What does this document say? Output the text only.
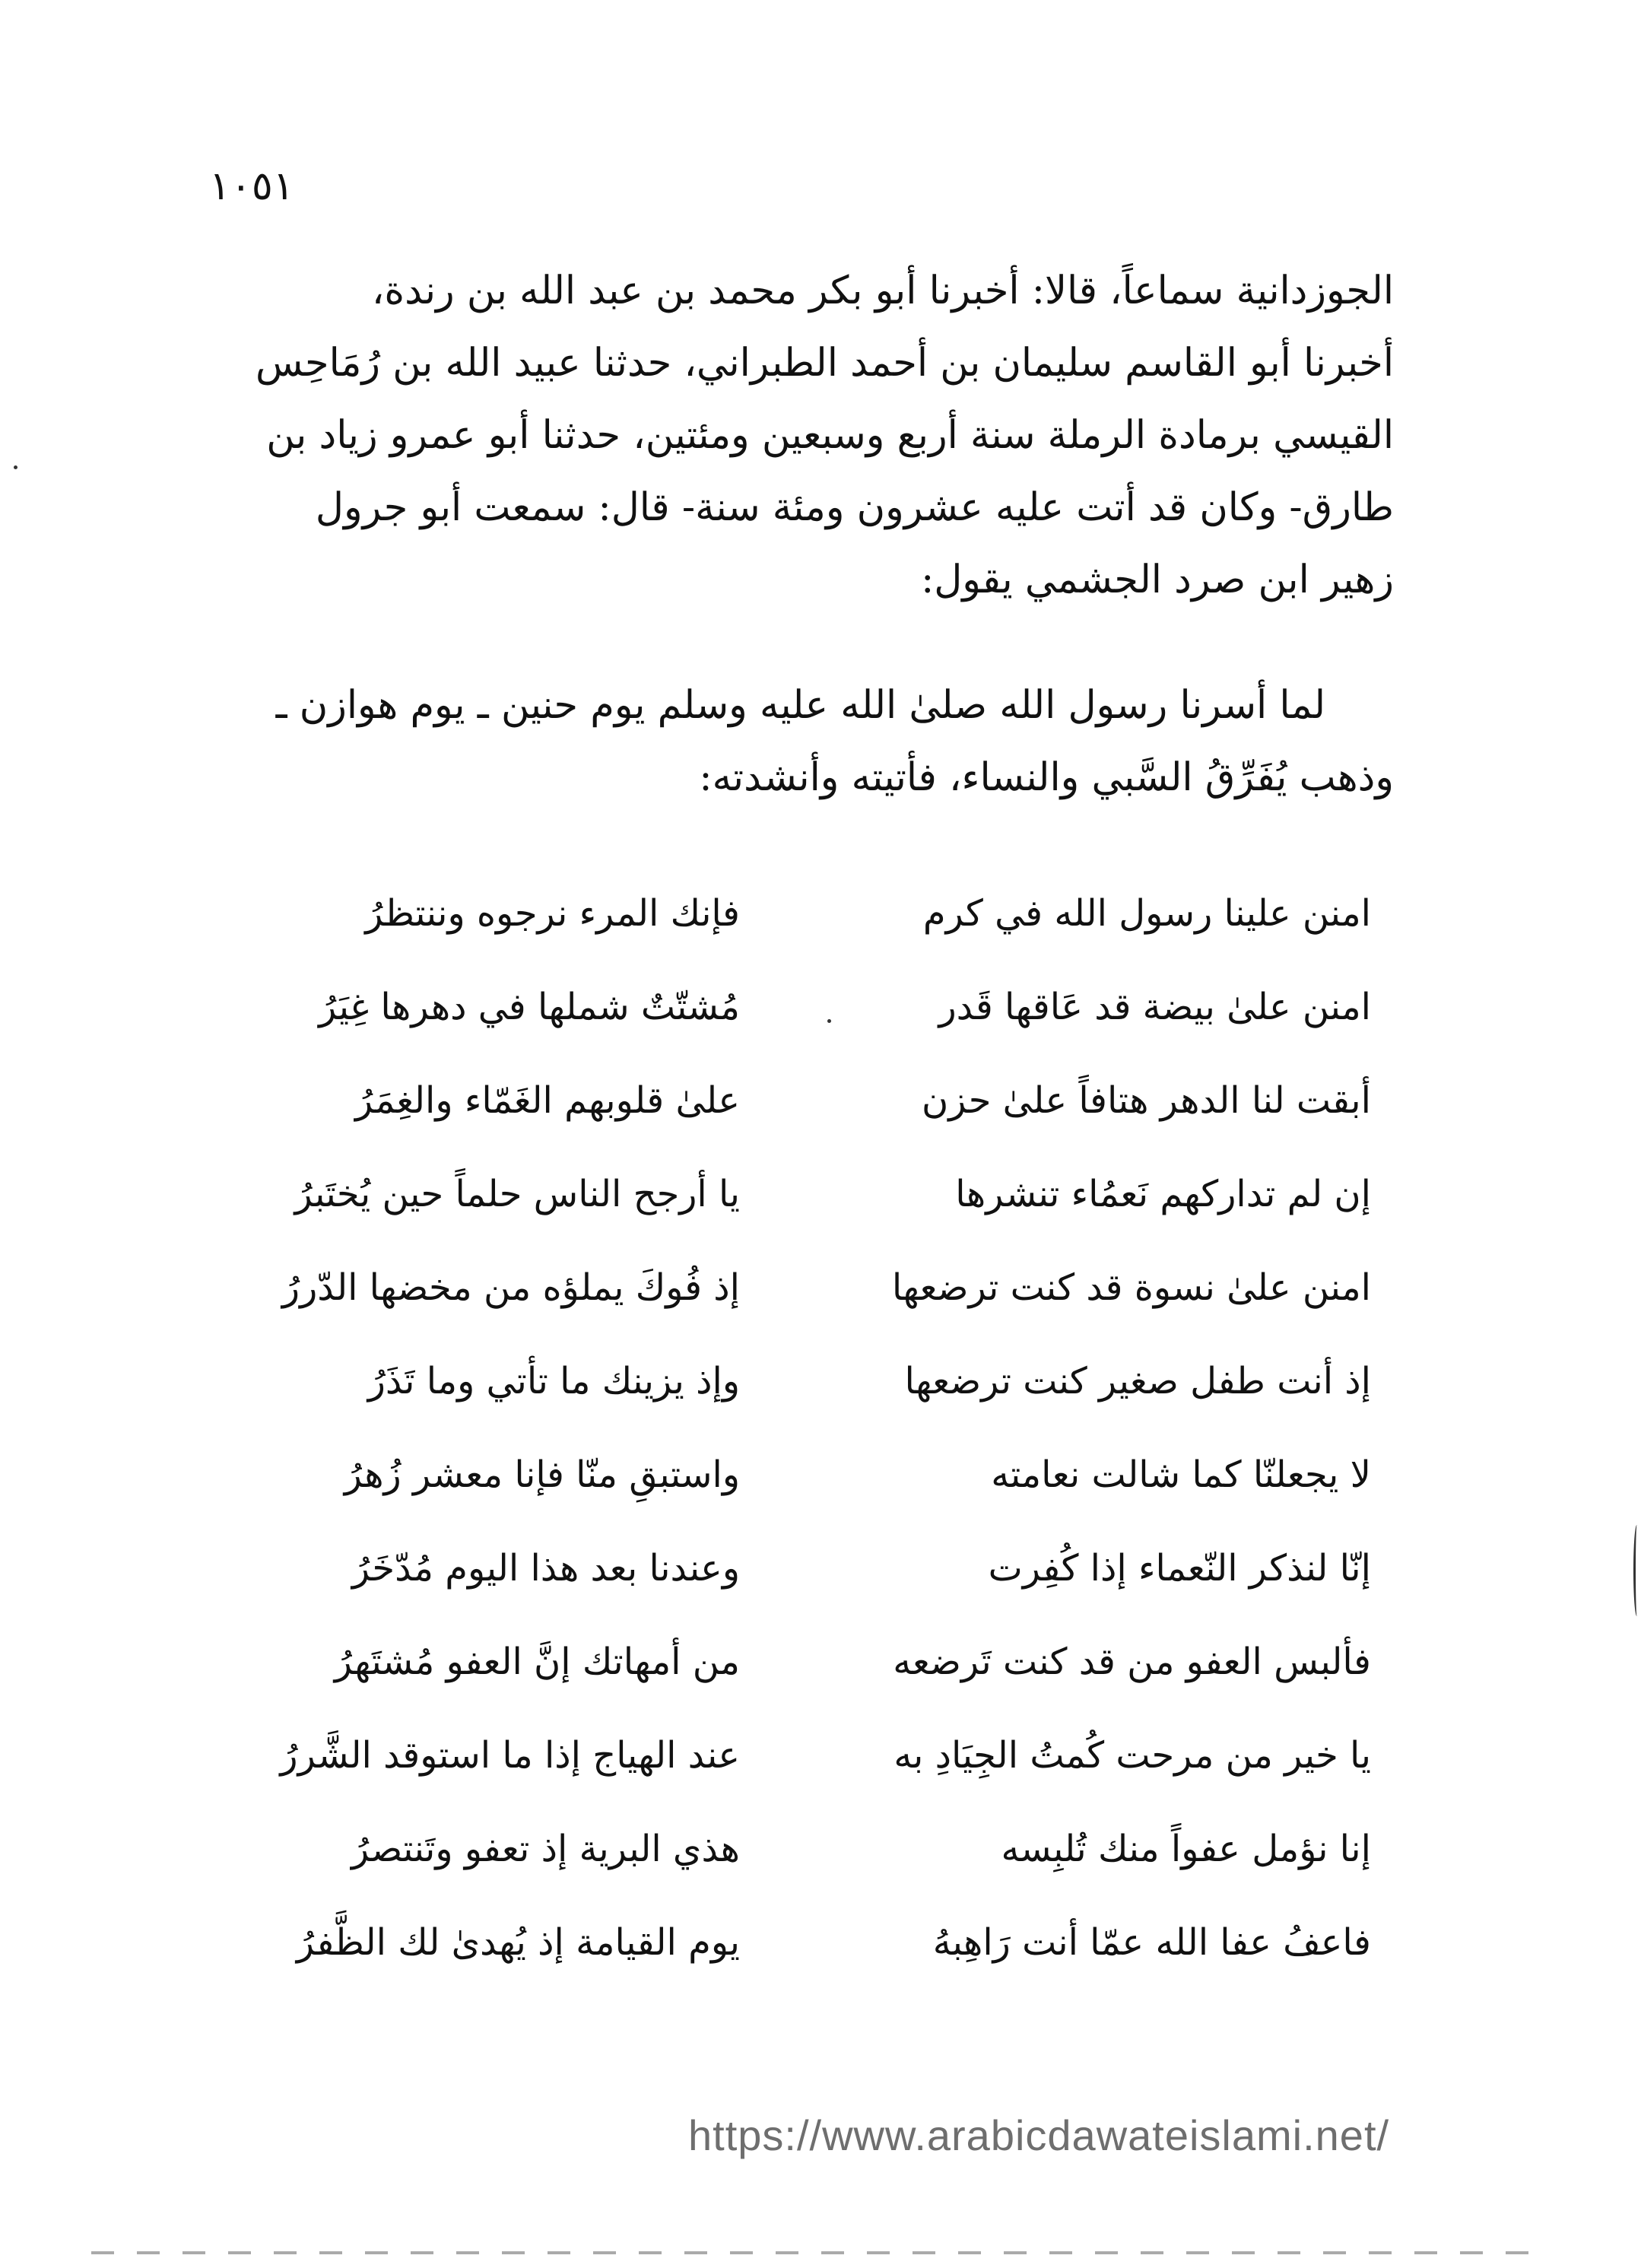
١٠٥١
الجوزدانية سماعاً، قالا: أخبرنا أبو بكر محمد بن عبد الله بن رندة،
أخبرنا أبو القاسم سليمان بن أحمد الطبراني، حدثنا عبيد الله بن رُمَاحِس
القيسي برمادة الرملة سنة أربع وسبعين ومئتين، حدثنا أبو عمرو زياد بن
طارق- وكان قد أتت عليه عشرون ومئة سنة- قال: سمعت أبو جرول
زهير ابن صرد الجشمي يقول:
لما أسرنا رسول الله صلىٰ الله عليه وسلم يوم حنين ـ يوم هوازن ـ
وذهب يُفَرِّقُ السَّبي والنساء، فأتيته وأنشدته:
امنن علينا رسول الله في كرم
فإنك المرء نرجوه وننتظرُ
امنن علىٰ بيضة قد عَاقها قَدر
مُشتّتٌ شملها في دهرها غِيَرُ
أبقت لنا الدهر هتافاً علىٰ حزن
علىٰ قلوبهم الغَمّاء والغِمَرُ
إن لم تداركهم نَعمُاء تنشرها
يا أرجح الناس حلماً حين يُختَبرُ
امنن علىٰ نسوة قد كنت ترضعها
إذ فُوكَ يملؤه من مخضها الدّررُ
إذ أنت طفل صغير كنت ترضعها
وإذ يزينك ما تأتي وما تَذَرُ
لا يجعلنّا كما شالت نعامته
واستبقِ منّا فإنا معشر زُهرُ
إنّا لنذكر النّعماء إذا كُفِرت
وعندنا بعد هذا اليوم مُدّخَرُ
فألبس العفو من قد كنت تَرضعه
من أمهاتك إنَّ العفو مُشتَهرُ
يا خير من مرحت كُمتُ الجِيَادِ به
عند الهياج إذا ما استوقد الشَّررُ
إنا نؤمل عفواً منك تُلبِسه
هذي البرية إذ تعفو وتَنتصرُ
فاعفُ عفا الله عمّا أنت رَاهِبهُ
يوم القيامة إذ يُهدىٰ لك الظَّفرُ
https://www.arabicdawateislami.net/
